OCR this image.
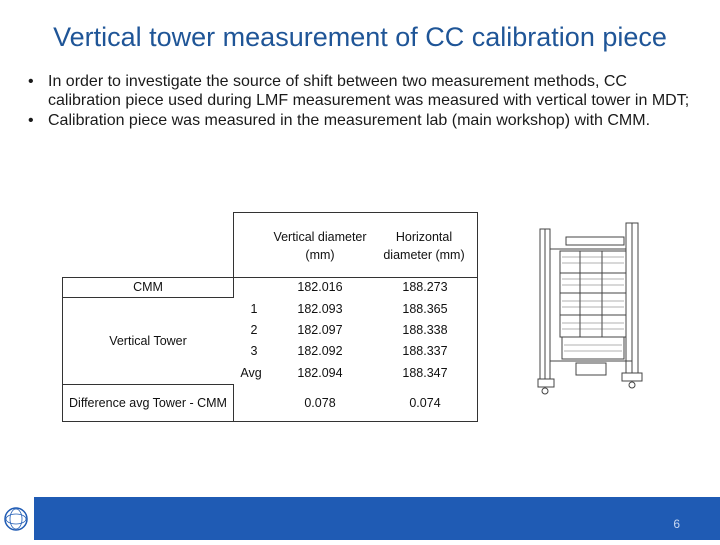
Vertical tower measurement of CC calibration piece
• In order to investigate the source of shift between two measurement methods, CC calibration piece used during LMF measurement was measured with vertical tower in MDT;
• Calibration piece was measured in the measurement lab (main workshop) with CMM.
Vertical diameter (mm)
Horizontal diameter (mm)
CMM	182.016	188.273
Vertical Tower
1	182.093	188.365
2	182.097	188.338
3	182.092	188.337
Avg	182.094	188.347
Difference avg Tower - CMM	0.078	0.074
6
